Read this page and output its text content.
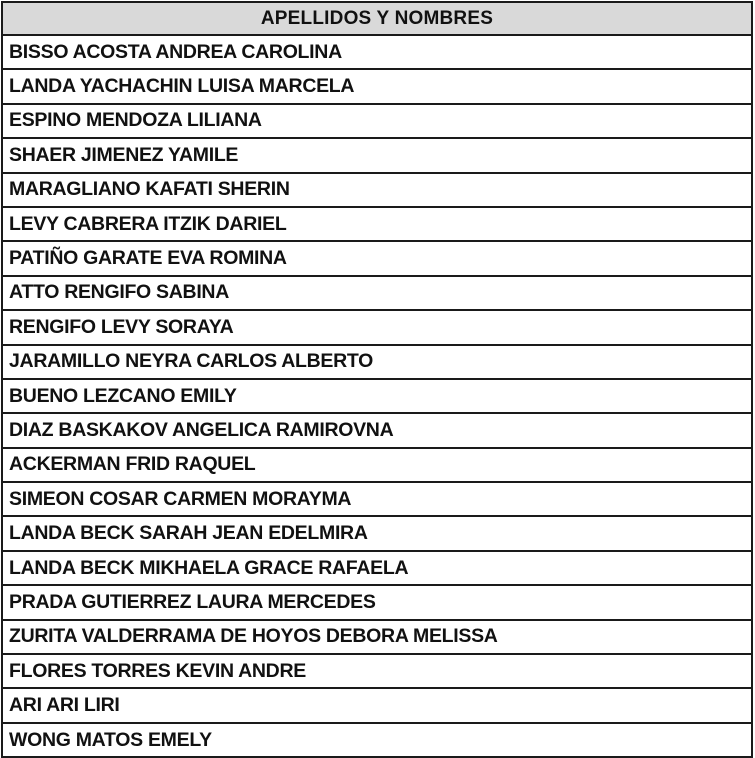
APELLIDOS Y NOMBRES
BISSO ACOSTA ANDREA CAROLINA
LANDA YACHACHIN LUISA MARCELA
ESPINO MENDOZA LILIANA
SHAER JIMENEZ YAMILE
MARAGLIANO KAFATI SHERIN
LEVY CABRERA ITZIK DARIEL
PATIÑO GARATE EVA ROMINA
ATTO RENGIFO SABINA
RENGIFO LEVY SORAYA
JARAMILLO NEYRA CARLOS ALBERTO
BUENO LEZCANO EMILY
DIAZ BASKAKOV ANGELICA RAMIROVNA
ACKERMAN FRID RAQUEL
SIMEON COSAR CARMEN MORAYMA
LANDA BECK SARAH JEAN EDELMIRA
LANDA BECK MIKHAELA GRACE RAFAELA
PRADA GUTIERREZ LAURA MERCEDES
ZURITA VALDERRAMA DE HOYOS DEBORA MELISSA
FLORES TORRES KEVIN ANDRE
ARI ARI LIRI
WONG MATOS EMELY
